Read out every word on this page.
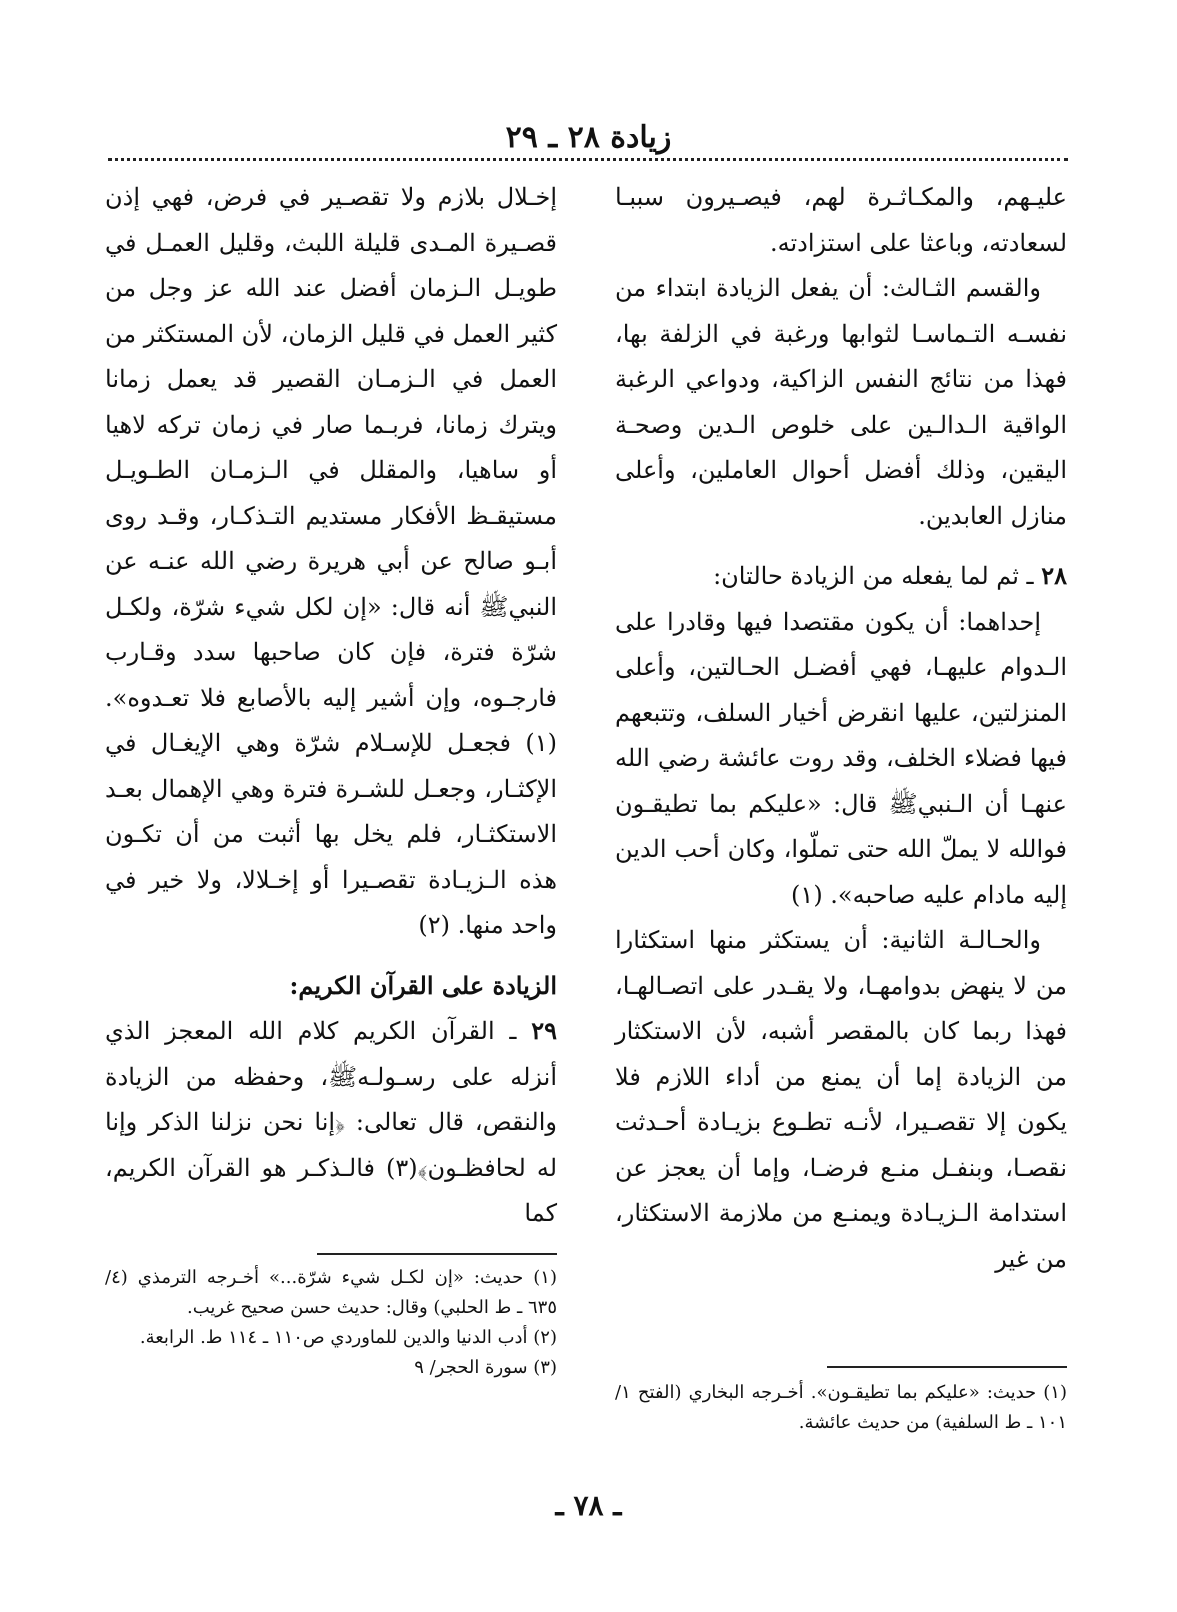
زيادة ٢٨ ـ ٢٩

عليـهم، والمكـاثـرة لهم، فيصـيرون سببـا لسعادته، وباعثا على استزادته.

والقسم الثـالث: أن يفعل الزيادة ابتداء من نفسـه التـماسـا لثوابها ورغبة في الزلفة بها، فهذا من نتائج النفس الزاكية، ودواعي الرغبة الواقية الـدالـين على خلوص الـدين وصحـة اليقين، وذلك أفضل أحوال العاملين، وأعلى منازل العابدين.

٢٨ ـ ثم لما يفعله من الزيادة حالتان:

إحداهما: أن يكون مقتصدا فيها وقادرا على الـدوام عليهـا، فهي أفضـل الحـالتين، وأعلى المنزلتين، عليها انقرض أخيار السلف، وتتبعهم فيها فضلاء الخلف، وقد روت عائشة رضي الله عنهـا أن الـنبيﷺ قال: «عليكم بما تطيقـون فوالله لا يملّ الله حتى تملّوا، وكان أحب الدين إليه مادام عليه صاحبه». (١)

والحـالـة الثانية: أن يستكثر منها استكثارا من لا ينهض بدوامهـا، ولا يقـدر على اتصـالهـا، فهذا ربما كان بالمقصر أشبه، لأن الاستكثار من الزيادة إما أن يمنع من أداء اللازم فلا يكون إلا تقصـيرا، لأنـه تطـوع بزيـادة أحـدثت نقصـا، وبنفـل منـع فرضـا، وإما أن يعجز عن استدامة الـزيـادة ويمنـع من ملازمة الاستكثار، من غير

إخـلال بلازم ولا تقصـير في فرض، فهي إذن قصـيرة المـدى قليلة اللبث، وقليل العمـل في طويـل الـزمان أفضل عند الله عز وجل من كثير العمل في قليل الزمان، لأن المستكثر من العمل في الـزمـان القصير قد يعمل زمانا ويترك زمانا، فربـما صار في زمان تركه لاهيا أو ساهيا، والمقلل في الـزمـان الطـويـل مستيقـظ الأفكار مستديم التـذكـار، وقـد روى أبـو صالح عن أبي هريرة رضي الله عنـه عن النبيﷺ أنه قال: «إن لكل شيء شرّة، ولكـل شرّة فترة، فإن كان صاحبها سدد وقـارب فارجـوه، وإن أشير إليه بالأصابع فلا تعـدوه». (١) فجعـل للإسـلام شرّة وهي الإيغـال في الإكثـار، وجعـل للشـرة فترة وهي الإهمال بعـد الاستكثـار، فلم يخل بها أثبت من أن تكـون هذه الـزيـادة تقصـيرا أو إخـلالا، ولا خير في واحد منها. (٢)

الزيادة على القرآن الكريم:

٢٩ ـ القرآن الكريم كلام الله المعجز الذي أنزله على رسـولـهﷺ، وحفظه من الزيادة والنقص، قال تعالى: ﴿إنا نحن نزلنا الذكر وإنا له لحافظـون﴾(٣) فالـذكـر هو القرآن الكريم، كما

(١) حديث: «إن لكـل شيء شرّة...» أخـرجه الترمذي (٤/ ٦٣٥ ـ ط الحلبي) وقال: حديث حسن صحيح غريب.

(٢) أدب الدنيا والدين للماوردي ص١١٠ ـ ١١٤ ط. الرابعة.

(٣) سورة الحجر/ ٩

(١) حديث: «عليكم بما تطيقـون». أخـرجه البخاري (الفتح ١/ ١٠١ ـ ط السلفية) من حديث عائشة.

ـ ٧٨ ـ
